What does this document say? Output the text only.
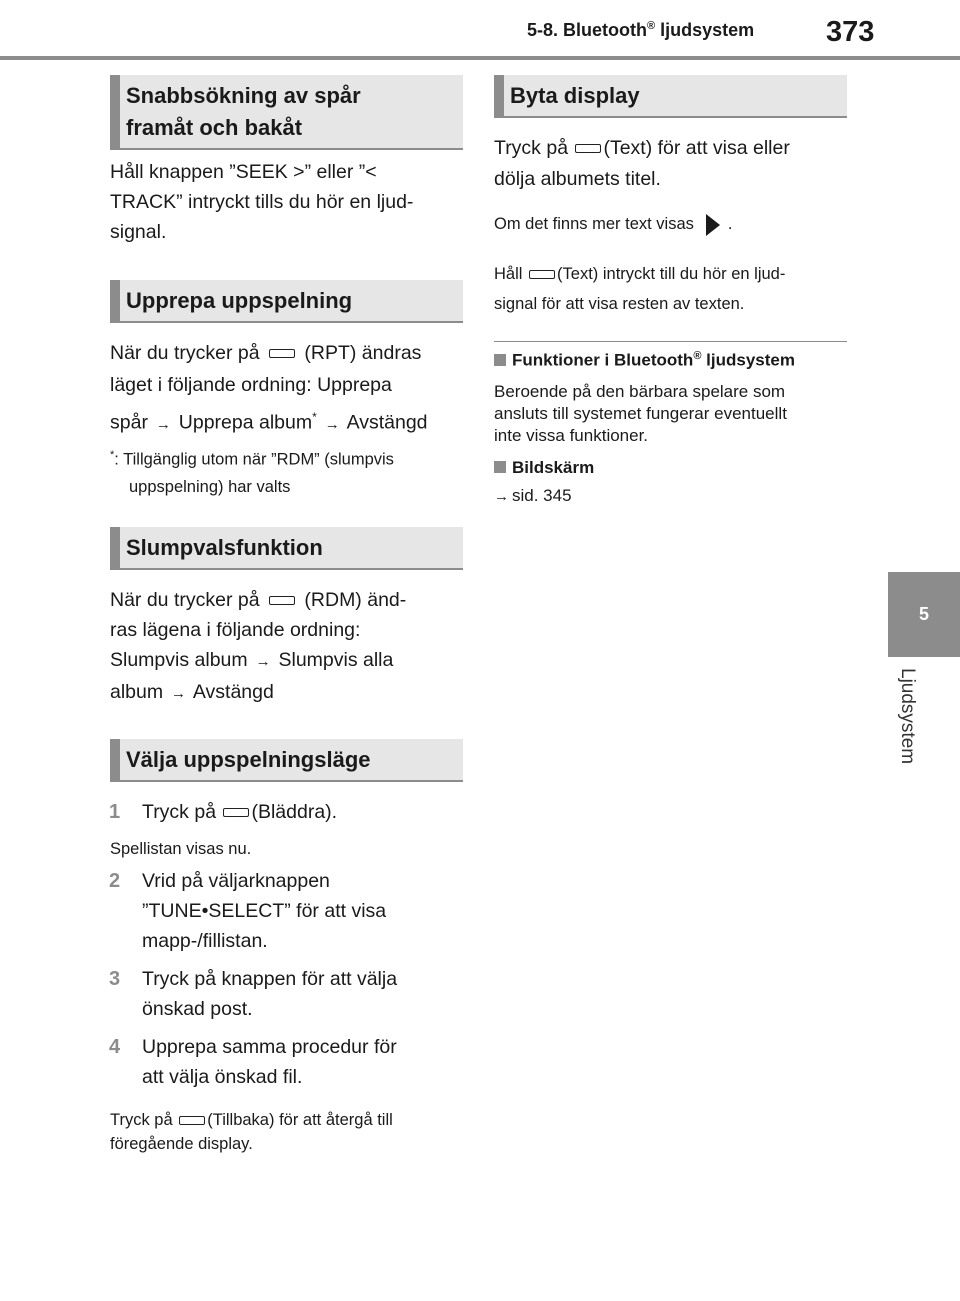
5-8. Bluetooth® ljudsystem 373
5
Ljudsystem
Snabbsökning av spår
framåt och bakåt
Håll knappen ”SEEK >” eller ”<
TRACK” intryckt tills du hör en ljud-
signal.
Upprepa uppspelning
När du trycker på (RPT) ändras
läget i följande ordning: Upprepa
spår → Upprepa album* → Avstängd
*: Tillgänglig utom när ”RDM” (slumpvis
uppspelning) har valts
Slumpvalsfunktion
När du trycker på (RDM) änd-
ras lägena i följande ordning:
Slumpvis album → Slumpvis alla
album → Avstängd
Välja uppspelningsläge
1 Tryck på (Bläddra).
Spellistan visas nu.
2 Vrid på väljarknappen
”TUNE•SELECT” för att visa
mapp-/fillistan.
3 Tryck på knappen för att välja
önskad post.
4 Upprepa samma procedur för
att välja önskad fil.
Tryck på (Tillbaka) för att återgå till
föregående display.
Byta display
Tryck på (Text) för att visa eller
dölja albumets titel.
Om det finns mer text visas .
Håll (Text) intryckt till du hör en ljud-
signal för att visa resten av texten.
Funktioner i Bluetooth® ljudsystem
Beroende på den bärbara spelare som
ansluts till systemet fungerar eventuellt
inte vissa funktioner.
Bildskärm
→ sid. 345
